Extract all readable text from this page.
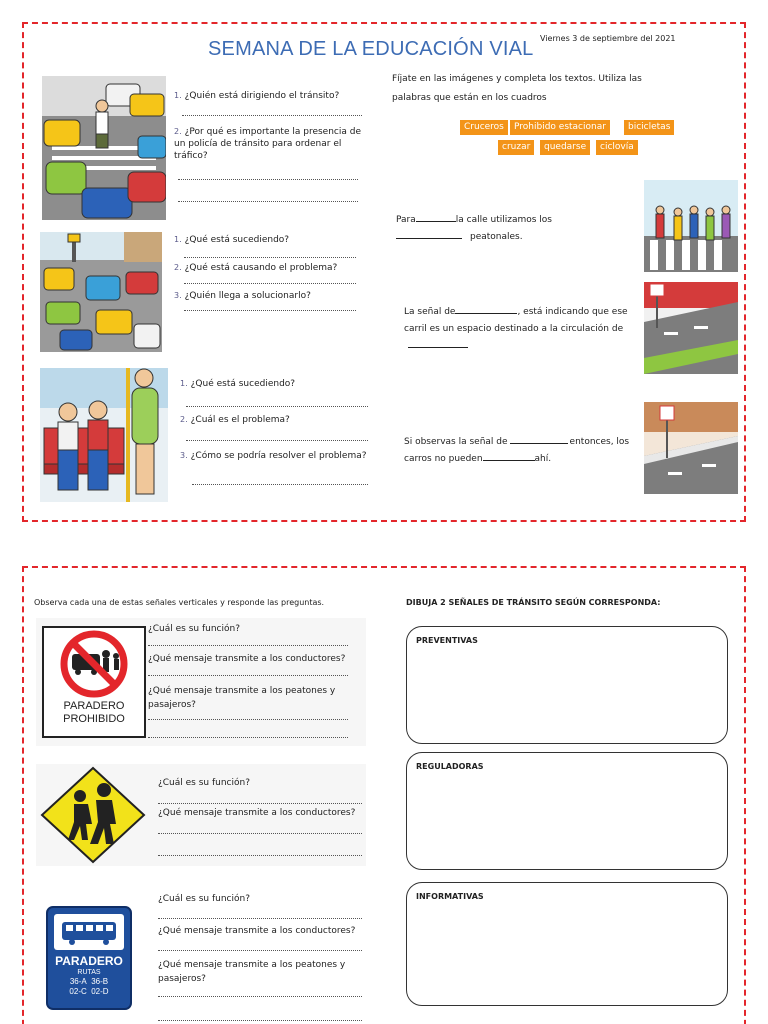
SEMANA DE LA EDUCACIÓN VIAL Viernes 3 de septiembre del 2021
1. ¿Quién está dirigiendo el tránsito?
2. ¿Por qué es importante la presencia de un policía de tránsito para ordenar el tráfico?
1. ¿Qué está sucediendo?
2. ¿Qué está causando el problema?
3. ¿Quién llega a solucionarlo?
1. ¿Qué está sucediendo?
2. ¿Cuál es el problema?
3. ¿Cómo se podría resolver el problema?
Fíjate en las imágenes y completa los textos. Utiliza las palabras que están en los cuadros
Cruceros	Prohibido estacionar	bicicletas
cruzar	quedarse	ciclovía
Para	la calle utilizamos los
peatonales.
La señal de	, está indicando que ese carril es un espacio destinado a la circulación de
Si observas la señal de	entonces, los carros no pueden	ahí.
Observa cada una de estas señales verticales y responde las preguntas.	DIBUJA 2 SEÑALES DE TRÁNSITO SEGÚN CORRESPONDA:
PARADERO
PROHIBIDO
¿Cuál es su función?
¿Qué mensaje transmite a los conductores?
¿Qué mensaje transmite a los peatones y pasajeros?
¿Cuál es su función?
¿Qué mensaje transmite a los conductores?
PARADERO
RUTAS
36-A 36-B
02-C 02-D
¿Cuál es su función?
¿Qué mensaje transmite a los conductores?
¿Qué mensaje transmite a los peatones y pasajeros?
PREVENTIVAS
REGULADORAS
INFORMATIVAS
